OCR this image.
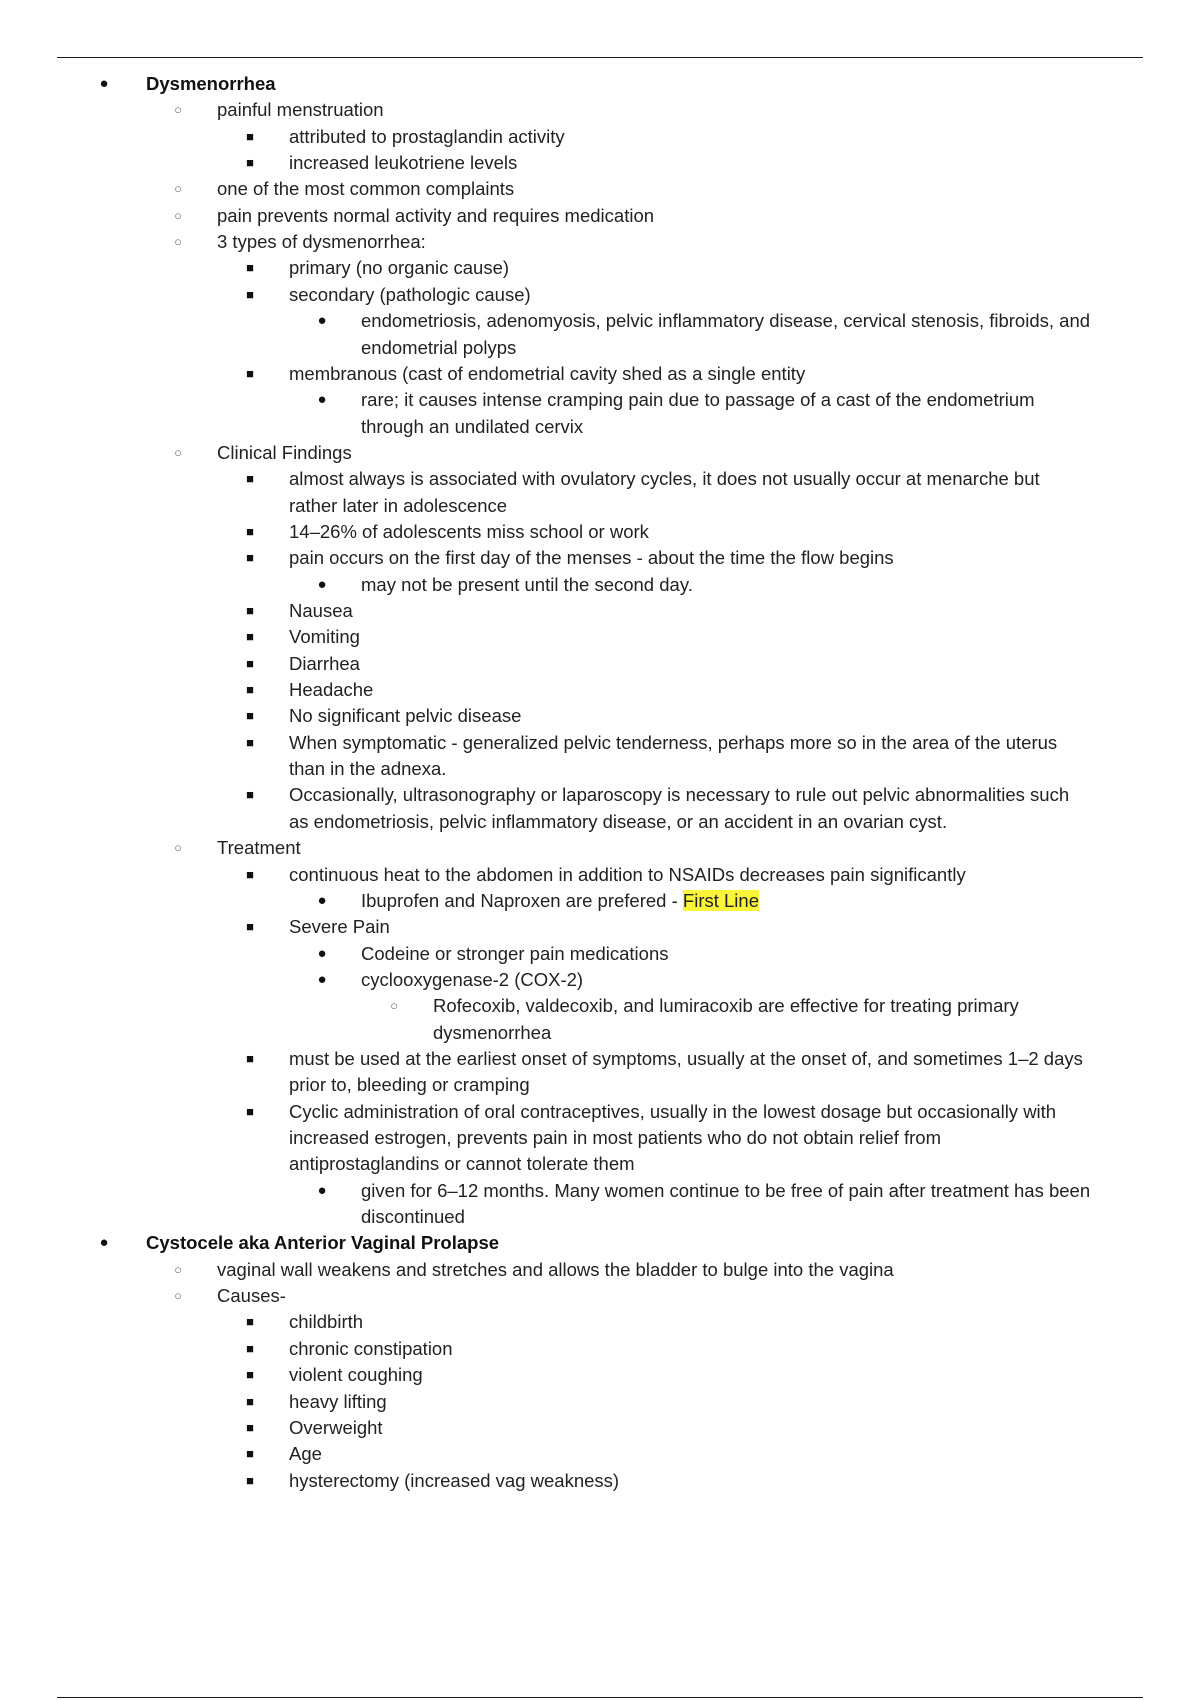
● Dysmenorrhea
○	painful menstruation
■	attributed to prostaglandin activity
■	increased leukotriene levels
○	one of the most common complaints
○	pain prevents normal activity and requires medication
○	3 types of dysmenorrhea:
■	primary (no organic cause)
■	secondary (pathologic cause)
● endometriosis, adenomyosis, pelvic inflammatory disease, cervical stenosis, fibroids, and
endometrial polyps
■	membranous (cast of endometrial cavity shed as a single entity
● rare; it causes intense cramping pain due to passage of a cast of the endometrium
through an undilated cervix
○	Clinical Findings
■	almost always is associated with ovulatory cycles, it does not usually occur at menarche but
rather later in adolescence
■	14–26% of adolescents miss school or work
■	pain occurs on the first day of the menses - about the time the flow begins
● may not be present until the second day.
■	Nausea
■	Vomiting
■	Diarrhea
■	Headache
■	No significant pelvic disease
■	When symptomatic - generalized pelvic tenderness, perhaps more so in the area of the uterus
than in the adnexa.
■	Occasionally, ultrasonography or laparoscopy is necessary to rule out pelvic abnormalities such
as endometriosis, pelvic inflammatory disease, or an accident in an ovarian cyst.
○	Treatment
■	continuous heat to the abdomen in addition to NSAIDs decreases pain significantly
● Ibuprofen and Naproxen are prefered - First Line
■	Severe Pain
● Codeine or stronger pain medications
● cyclooxygenase-2 (COX-2)
○	Rofecoxib, valdecoxib, and lumiracoxib are effective for treating primary
dysmenorrhea
■	must be used at the earliest onset of symptoms, usually at the onset of, and sometimes 1–2 days
prior to, bleeding or cramping
■	Cyclic administration of oral contraceptives, usually in the lowest dosage but occasionally with
increased estrogen, prevents pain in most patients who do not obtain relief from
antiprostaglandins or cannot tolerate them
● given for 6–12 months. Many women continue to be free of pain after treatment has been
discontinued
● Cystocele aka Anterior Vaginal Prolapse
○	vaginal wall weakens and stretches and allows the bladder to bulge into the vagina
○	Causes-
■	childbirth
■	chronic constipation
■	violent coughing
■	heavy lifting
■	Overweight
■	Age
■	hysterectomy (increased vag weakness)
